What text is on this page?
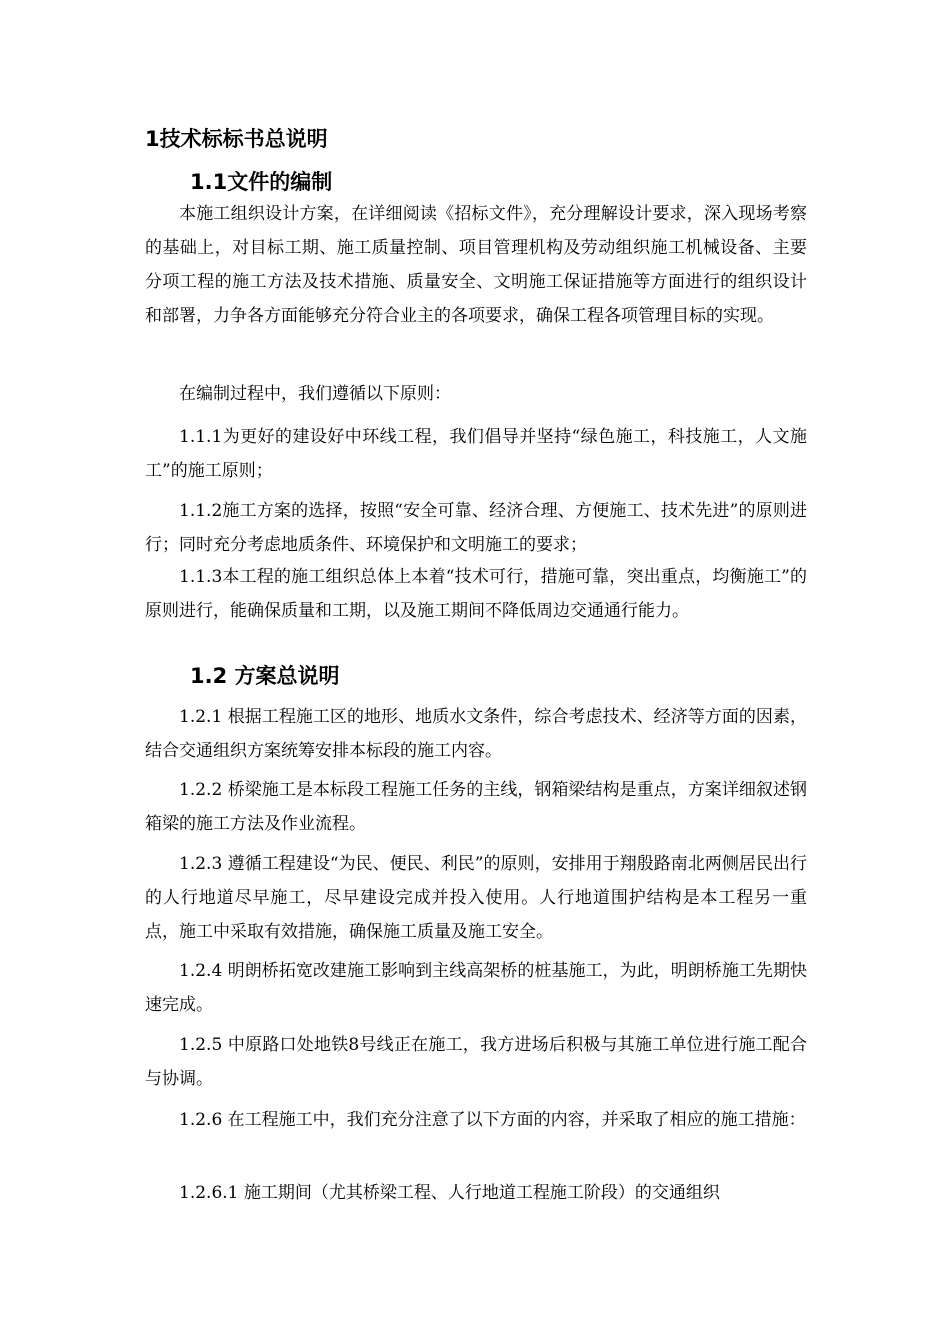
1技术标标书总说明
1.1文件的编制

本施工组织设计方案，在详细阅读《招标文件》，充分理解设计要求，深入现场考察的基础上，对目标工期、施工质量控制、项目管理机构及劳动组织施工机械设备、主要分项工程的施工方法及技术措施、质量安全、文明施工保证措施等方面进行的组织设计和部署，力争各方面能够充分符合业主的各项要求，确保工程各项管理目标的实现。

在编制过程中，我们遵循以下原则：

1.1.1为更好的建设好中环线工程，我们倡导并坚持“绿色施工，科技施工，人文施工”的施工原则；

1.1.2施工方案的选择，按照“安全可靠、经济合理、方便施工、技术先进”的原则进行；同时充分考虑地质条件、环境保护和文明施工的要求；

1.1.3本工程的施工组织总体上本着“技术可行，措施可靠，突出重点，均衡施工”的原则进行，能确保质量和工期，以及施工期间不降低周边交通通行能力。

1.2 方案总说明

1.2.1 根据工程施工区的地形、地质水文条件，综合考虑技术、经济等方面的因素，结合交通组织方案统筹安排本标段的施工内容。

1.2.2 桥梁施工是本标段工程施工任务的主线，钢箱梁结构是重点，方案详细叙述钢箱梁的施工方法及作业流程。

1.2.3 遵循工程建设“为民、便民、利民”的原则，安排用于翔殷路南北两侧居民出行的人行地道尽早施工，尽早建设完成并投入使用。人行地道围护结构是本工程另一重点，施工中采取有效措施，确保施工质量及施工安全。

1.2.4 明朗桥拓宽改建施工影响到主线高架桥的桩基施工，为此，明朗桥施工先期快速完成。

1.2.5 中原路口处地铁8号线正在施工，我方进场后积极与其施工单位进行施工配合与协调。

1.2.6 在工程施工中，我们充分注意了以下方面的内容，并采取了相应的施工措施：

1.2.6.1 施工期间（尤其桥梁工程、人行地道工程施工阶段）的交通组织
